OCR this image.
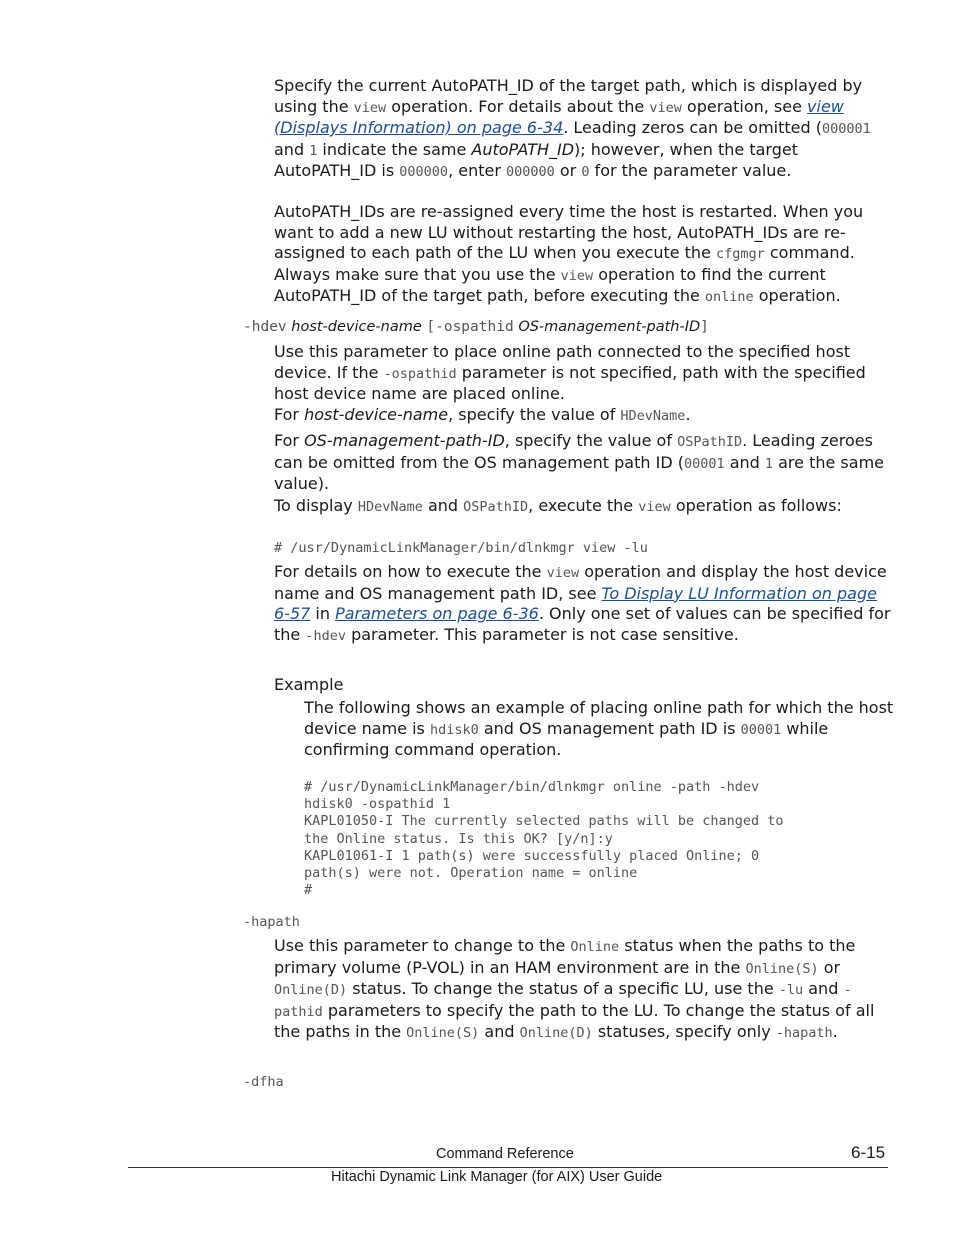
Specify the current AutoPATH_ID of the target path, which is displayed by using the view operation. For details about the view operation, see view (Displays Information) on page 6-34. Leading zeros can be omitted (000001 and 1 indicate the same AutoPATH_ID); however, when the target AutoPATH_ID is 000000, enter 000000 or 0 for the parameter value.

AutoPATH_IDs are re-assigned every time the host is restarted. When you want to add a new LU without restarting the host, AutoPATH_IDs are re-assigned to each path of the LU when you execute the cfgmgr command. Always make sure that you use the view operation to find the current AutoPATH_ID of the target path, before executing the online operation.

-hdev host-device-name [-ospathid OS-management-path-ID]

Use this parameter to place online path connected to the specified host device. If the -ospathid parameter is not specified, path with the specified host device name are placed online.

For host-device-name, specify the value of HDevName.

For OS-management-path-ID, specify the value of OSPathID. Leading zeroes can be omitted from the OS management path ID (00001 and 1 are the same value).

To display HDevName and OSPathID, execute the view operation as follows:

# /usr/DynamicLinkManager/bin/dlnkmgr view -lu

For details on how to execute the view operation and display the host device name and OS management path ID, see To Display LU Information on page 6-57 in Parameters on page 6-36. Only one set of values can be specified for the -hdev parameter. This parameter is not case sensitive.

Example

The following shows an example of placing online path for which the host device name is hdisk0 and OS management path ID is 00001 while confirming command operation.

# /usr/DynamicLinkManager/bin/dlnkmgr online -path -hdev
hdisk0 -ospathid 1
KAPL01050-I The currently selected paths will be changed to
the Online status. Is this OK? [y/n]:y
KAPL01061-I 1 path(s) were successfully placed Online; 0
path(s) were not. Operation name = online
#

-hapath

Use this parameter to change to the Online status when the paths to the primary volume (P-VOL) in an HAM environment are in the Online(S) or Online(D) status. To change the status of a specific LU, use the -lu and -pathid parameters to specify the path to the LU. To change the status of all the paths in the Online(S) and Online(D) statuses, specify only -hapath.

-dfha

Command Reference	6-15
Hitachi Dynamic Link Manager (for AIX) User Guide
